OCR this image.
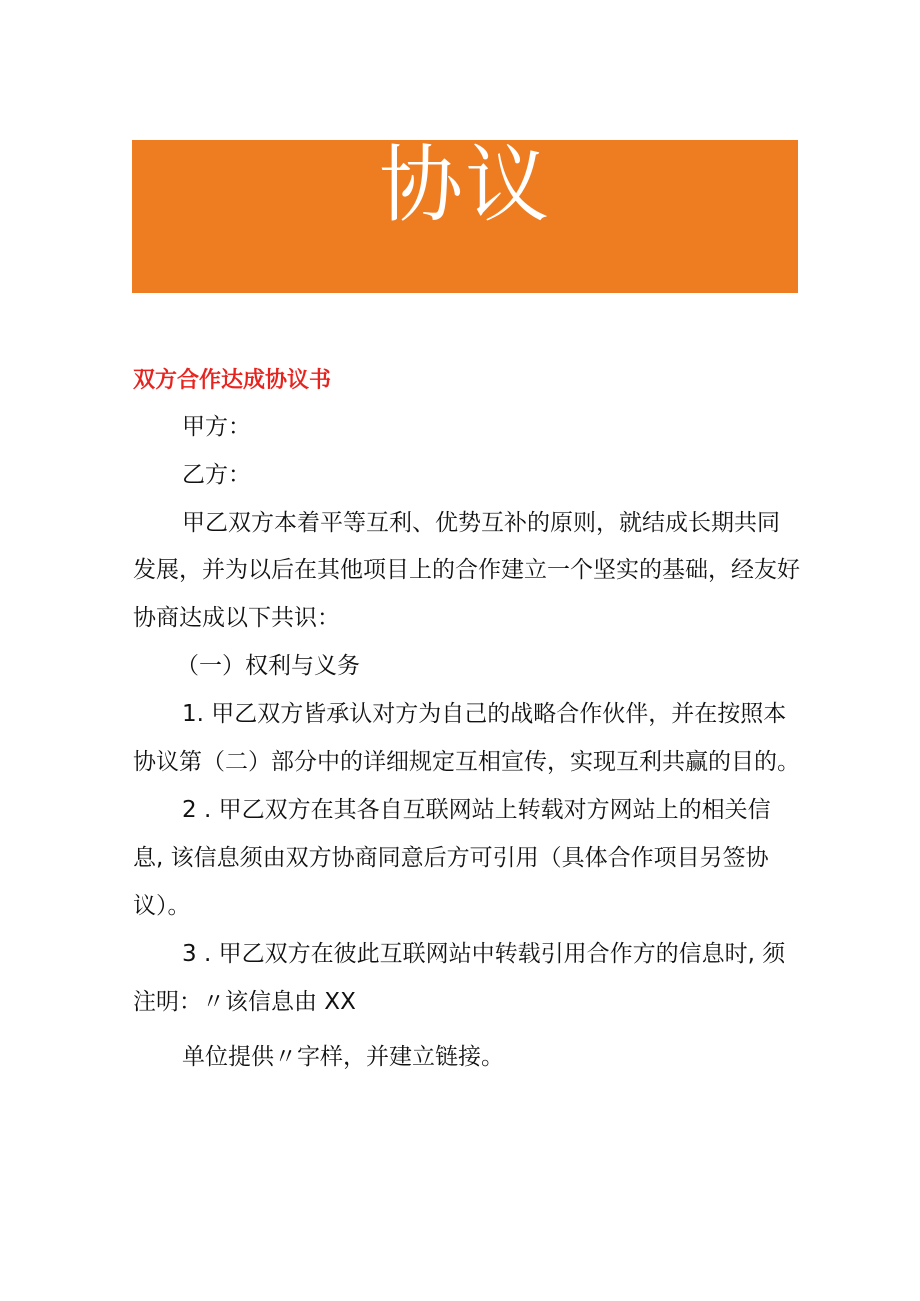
协议
双方合作达成协议书

甲方：

乙方：

甲乙双方本着平等互利、优势互补的原则，就结成长期共同

发展，并为以后在其他项目上的合作建立一个坚实的基础，经友好

协商达成以下共识：

（一）权利与义务

1. 甲乙双方皆承认对方为自己的战略合作伙伴，并在按照本

协议第（二）部分中的详细规定互相宣传，实现互利共赢的目的。

2 . 甲乙双方在其各自互联网站上转载对方网站上的相关信

息, 该信息须由双方协商同意后方可引用（具体合作项目另签协

议）。

3 . 甲乙双方在彼此互联网站中转载引用合作方的信息时, 须

注明：〃该信息由 XX

单位提供〃字样，并建立链接。
